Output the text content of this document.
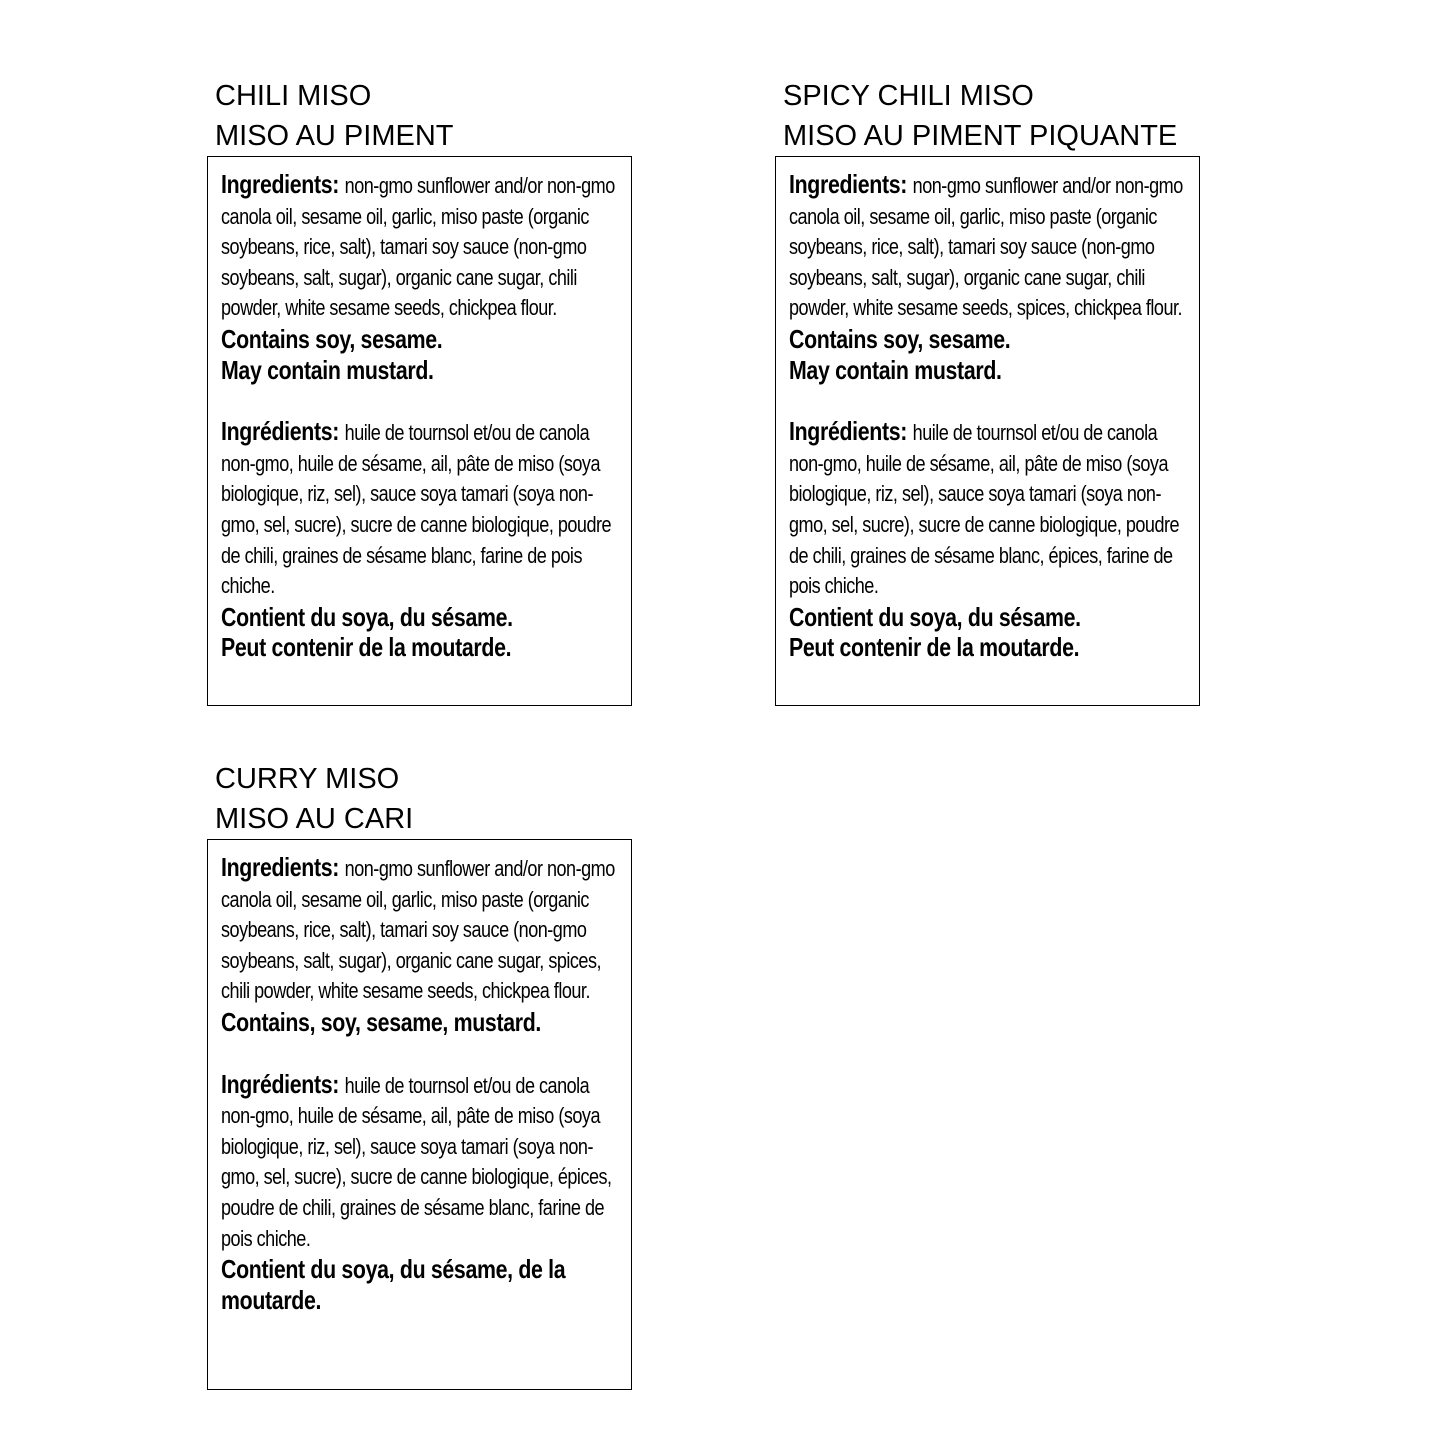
CHILI MISO
MISO AU PIMENT
Ingredients: non-gmo sunflower and/or non-gmo canola oil, sesame oil, garlic, miso paste (organic soybeans, rice, salt), tamari soy sauce (non-gmo soybeans, salt, sugar), organic cane sugar, chili powder, white sesame seeds, chickpea flour.
Contains soy, sesame.
May contain mustard.
Ingrédients: huile de tournsol et/ou de canola non-gmo, huile de sésame, ail, pâte de miso (soya biologique, riz, sel), sauce soya tamari (soya non-gmo, sel, sucre), sucre de canne biologique, poudre de chili, graines de sésame blanc, farine de pois chiche.
Contient du soya, du sésame.
Peut contenir de la moutarde.
SPICY CHILI MISO
MISO AU PIMENT PIQUANTE
Ingredients: non-gmo sunflower and/or non-gmo canola oil, sesame oil, garlic, miso paste (organic soybeans, rice, salt), tamari soy sauce (non-gmo soybeans, salt, sugar), organic cane sugar, chili powder, white sesame seeds, spices, chickpea flour.
Contains soy, sesame.
May contain mustard.
Ingrédients: huile de tournsol et/ou de canola non-gmo, huile de sésame, ail, pâte de miso (soya biologique, riz, sel), sauce soya tamari (soya non-gmo, sel, sucre), sucre de canne biologique, poudre de chili, graines de sésame blanc, épices, farine de pois chiche.
Contient du soya, du sésame.
Peut contenir de la moutarde.
CURRY MISO
MISO AU CARI
Ingredients: non-gmo sunflower and/or non-gmo canola oil, sesame oil, garlic, miso paste (organic soybeans, rice, salt), tamari soy sauce (non-gmo soybeans, salt, sugar), organic cane sugar, spices, chili powder, white sesame seeds, chickpea flour.
Contains, soy, sesame, mustard.
Ingrédients: huile de tournsol et/ou de canola non-gmo, huile de sésame, ail, pâte de miso (soya biologique, riz, sel), sauce soya tamari (soya non-gmo, sel, sucre), sucre de canne biologique, épices, poudre de chili, graines de sésame blanc, farine de pois chiche.
Contient du soya, du sésame, de la moutarde.
